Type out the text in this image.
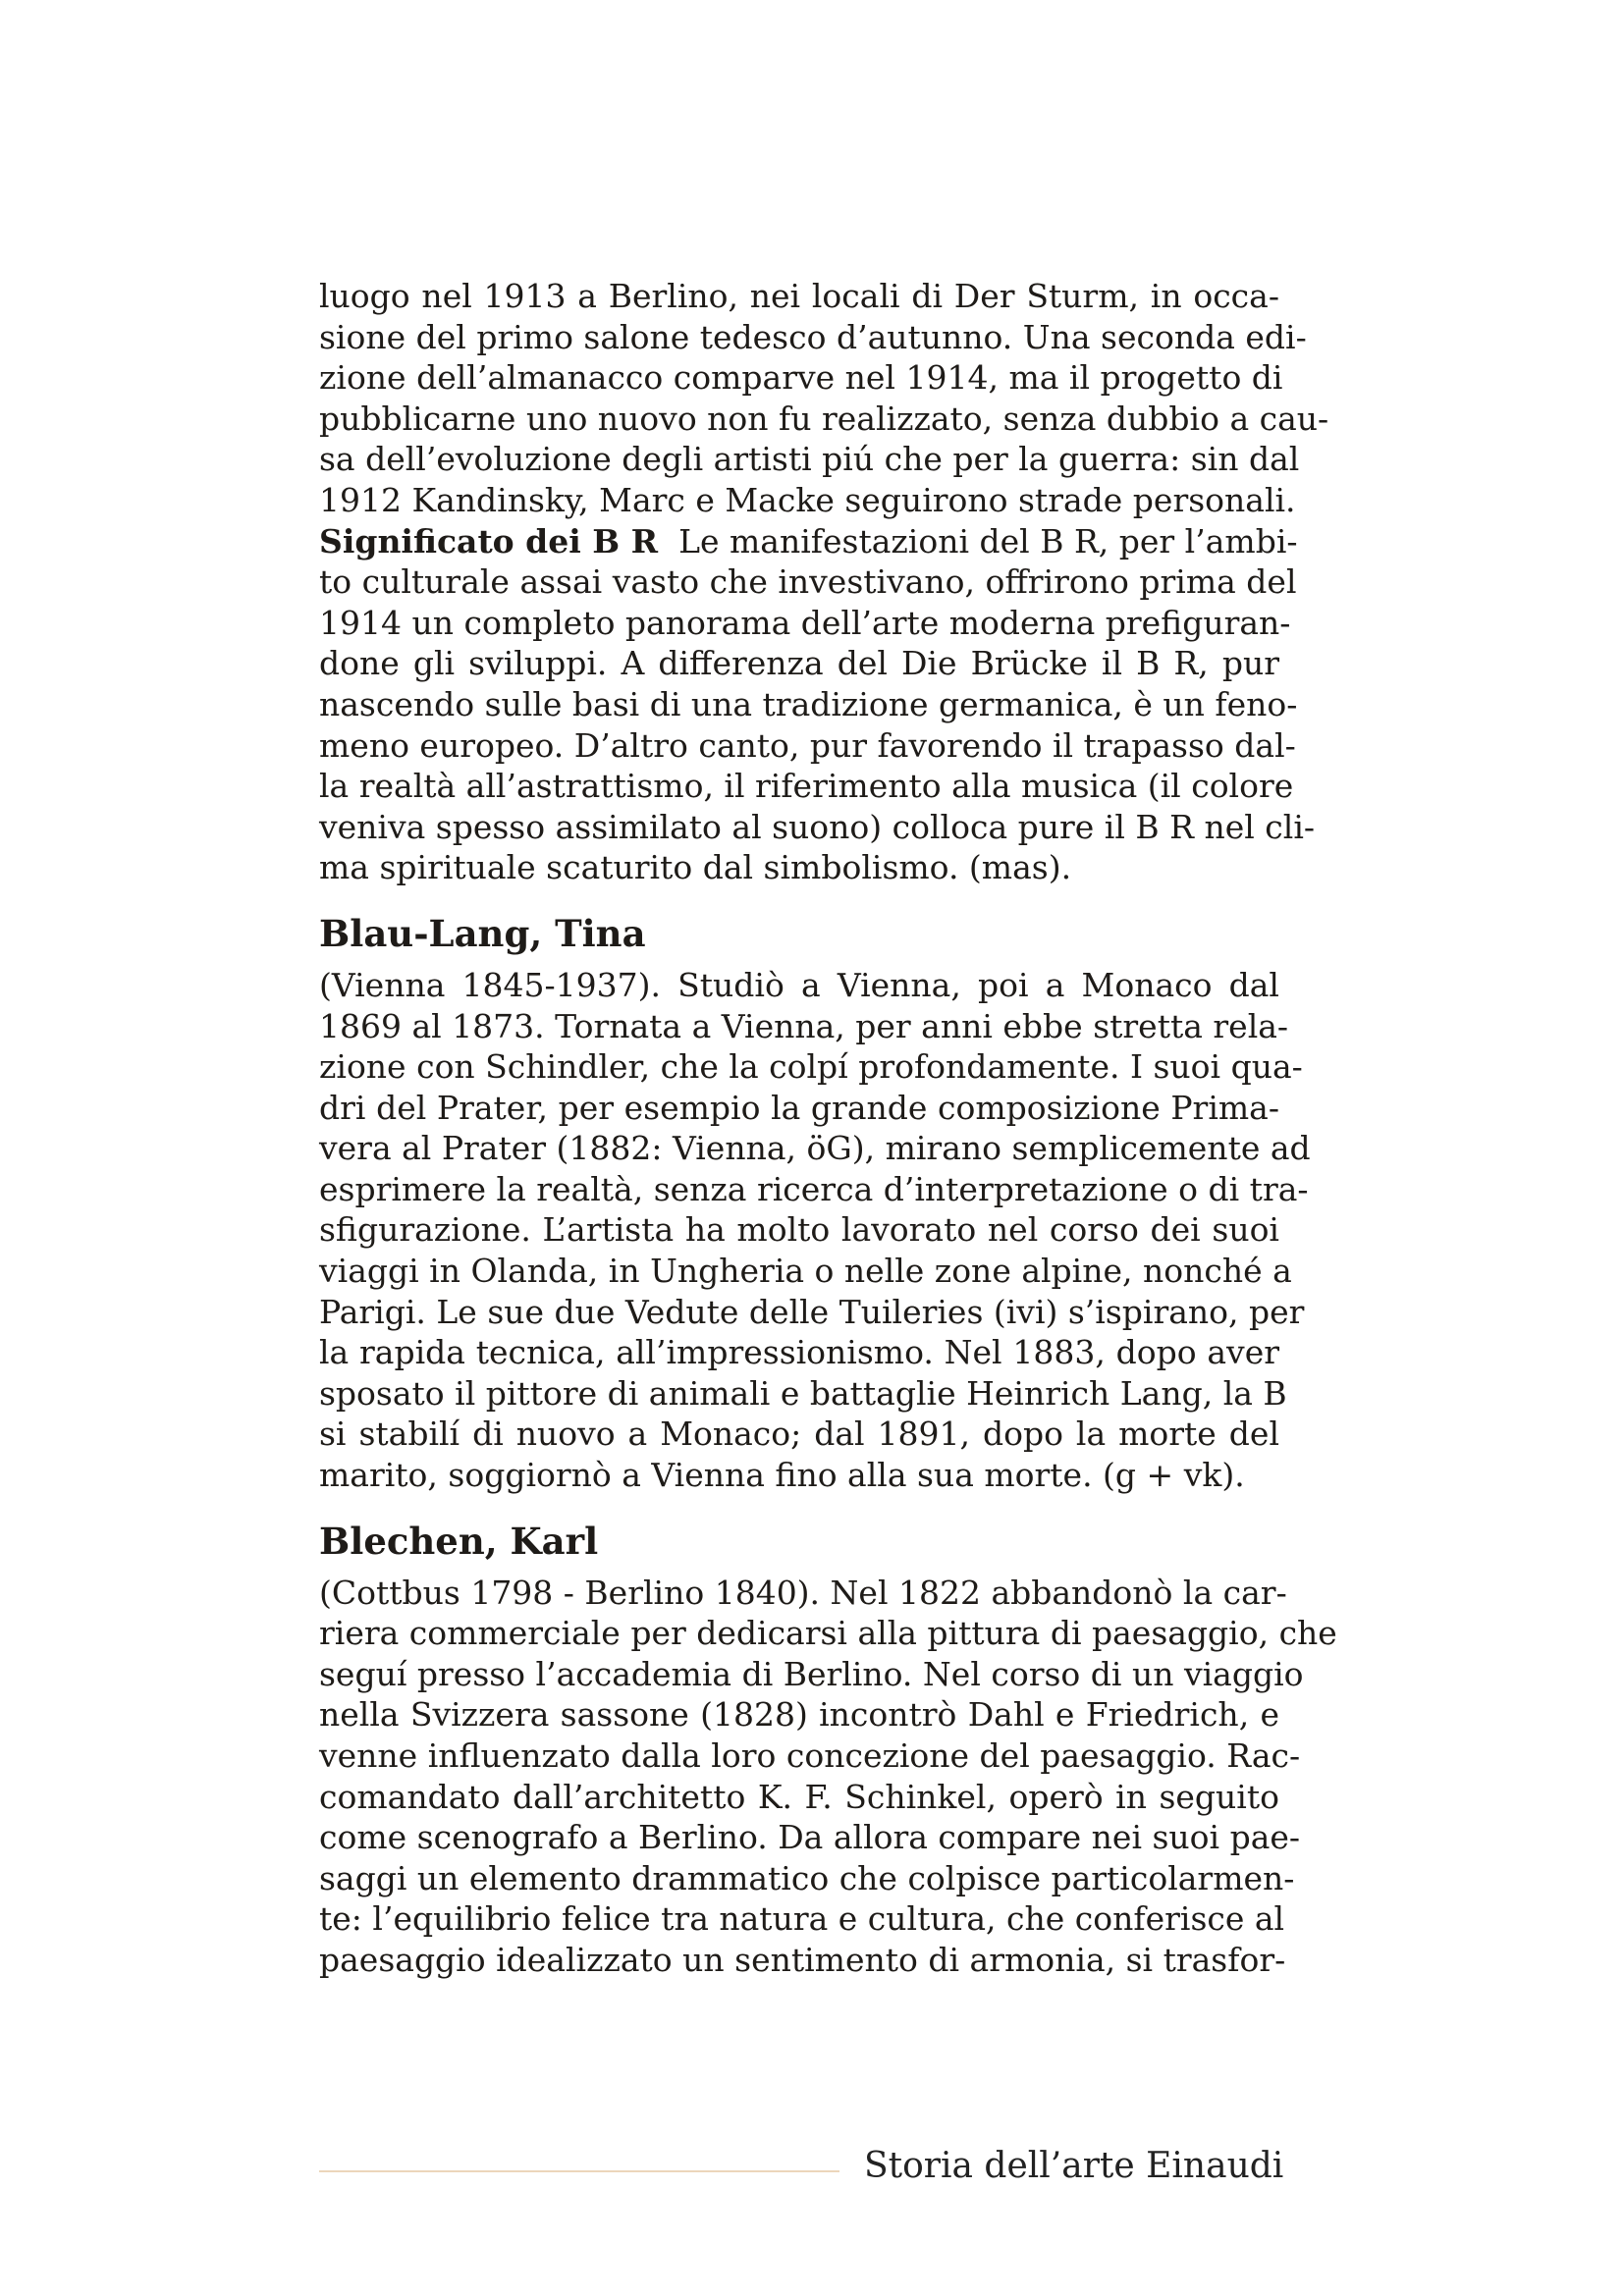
luogo nel 1913 a Berlino, nei locali di Der Sturm, in occa-
sione del primo salone tedesco d’autunno. Una seconda edi-
zione dell’almanacco comparve nel 1914, ma il progetto di
pubblicarne uno nuovo non fu realizzato, senza dubbio a cau-
sa dell’evoluzione degli artisti piú che per la guerra: sin dal
1912 Kandinsky, Marc e Macke seguirono strade personali.
Significato dei B R Le manifestazioni del B R, per l’ambi-
to culturale assai vasto che investivano, offrirono prima del
1914 un completo panorama dell’arte moderna prefiguran-
done gli sviluppi. A differenza del Die Brücke il B R, pur
nascendo sulle basi di una tradizione germanica, è un feno-
meno europeo. D’altro canto, pur favorendo il trapasso dal-
la realtà all’astrattismo, il riferimento alla musica (il colore
veniva spesso assimilato al suono) colloca pure il B R nel cli-
ma spirituale scaturito dal simbolismo. (mas).
Blau-Lang, Tina
(Vienna 1845-1937). Studiò a Vienna, poi a Monaco dal
1869 al 1873. Tornata a Vienna, per anni ebbe stretta rela-
zione con Schindler, che la colpí profondamente. I suoi qua-
dri del Prater, per esempio la grande composizione Prima-
vera al Prater (1882: Vienna, öG), mirano semplicemente ad
esprimere la realtà, senza ricerca d’interpretazione o di tra-
sfigurazione. L’artista ha molto lavorato nel corso dei suoi
viaggi in Olanda, in Ungheria o nelle zone alpine, nonché a
Parigi. Le sue due Vedute delle Tuileries (ivi) s’ispirano, per
la rapida tecnica, all’impressionismo. Nel 1883, dopo aver
sposato il pittore di animali e battaglie Heinrich Lang, la B
si stabilí di nuovo a Monaco; dal 1891, dopo la morte del
marito, soggiornò a Vienna fino alla sua morte. (g + vk).
Blechen, Karl
(Cottbus 1798 - Berlino 1840). Nel 1822 abbandonò la car-
riera commerciale per dedicarsi alla pittura di paesaggio, che
seguí presso l’accademia di Berlino. Nel corso di un viaggio
nella Svizzera sassone (1828) incontrò Dahl e Friedrich, e
venne influenzato dalla loro concezione del paesaggio. Rac-
comandato dall’architetto K. F. Schinkel, operò in seguito
come scenografo a Berlino. Da allora compare nei suoi pae-
saggi un elemento drammatico che colpisce particolarmen-
te: l’equilibrio felice tra natura e cultura, che conferisce al
paesaggio idealizzato un sentimento di armonia, si trasfor-
Storia dell’arte Einaudi
